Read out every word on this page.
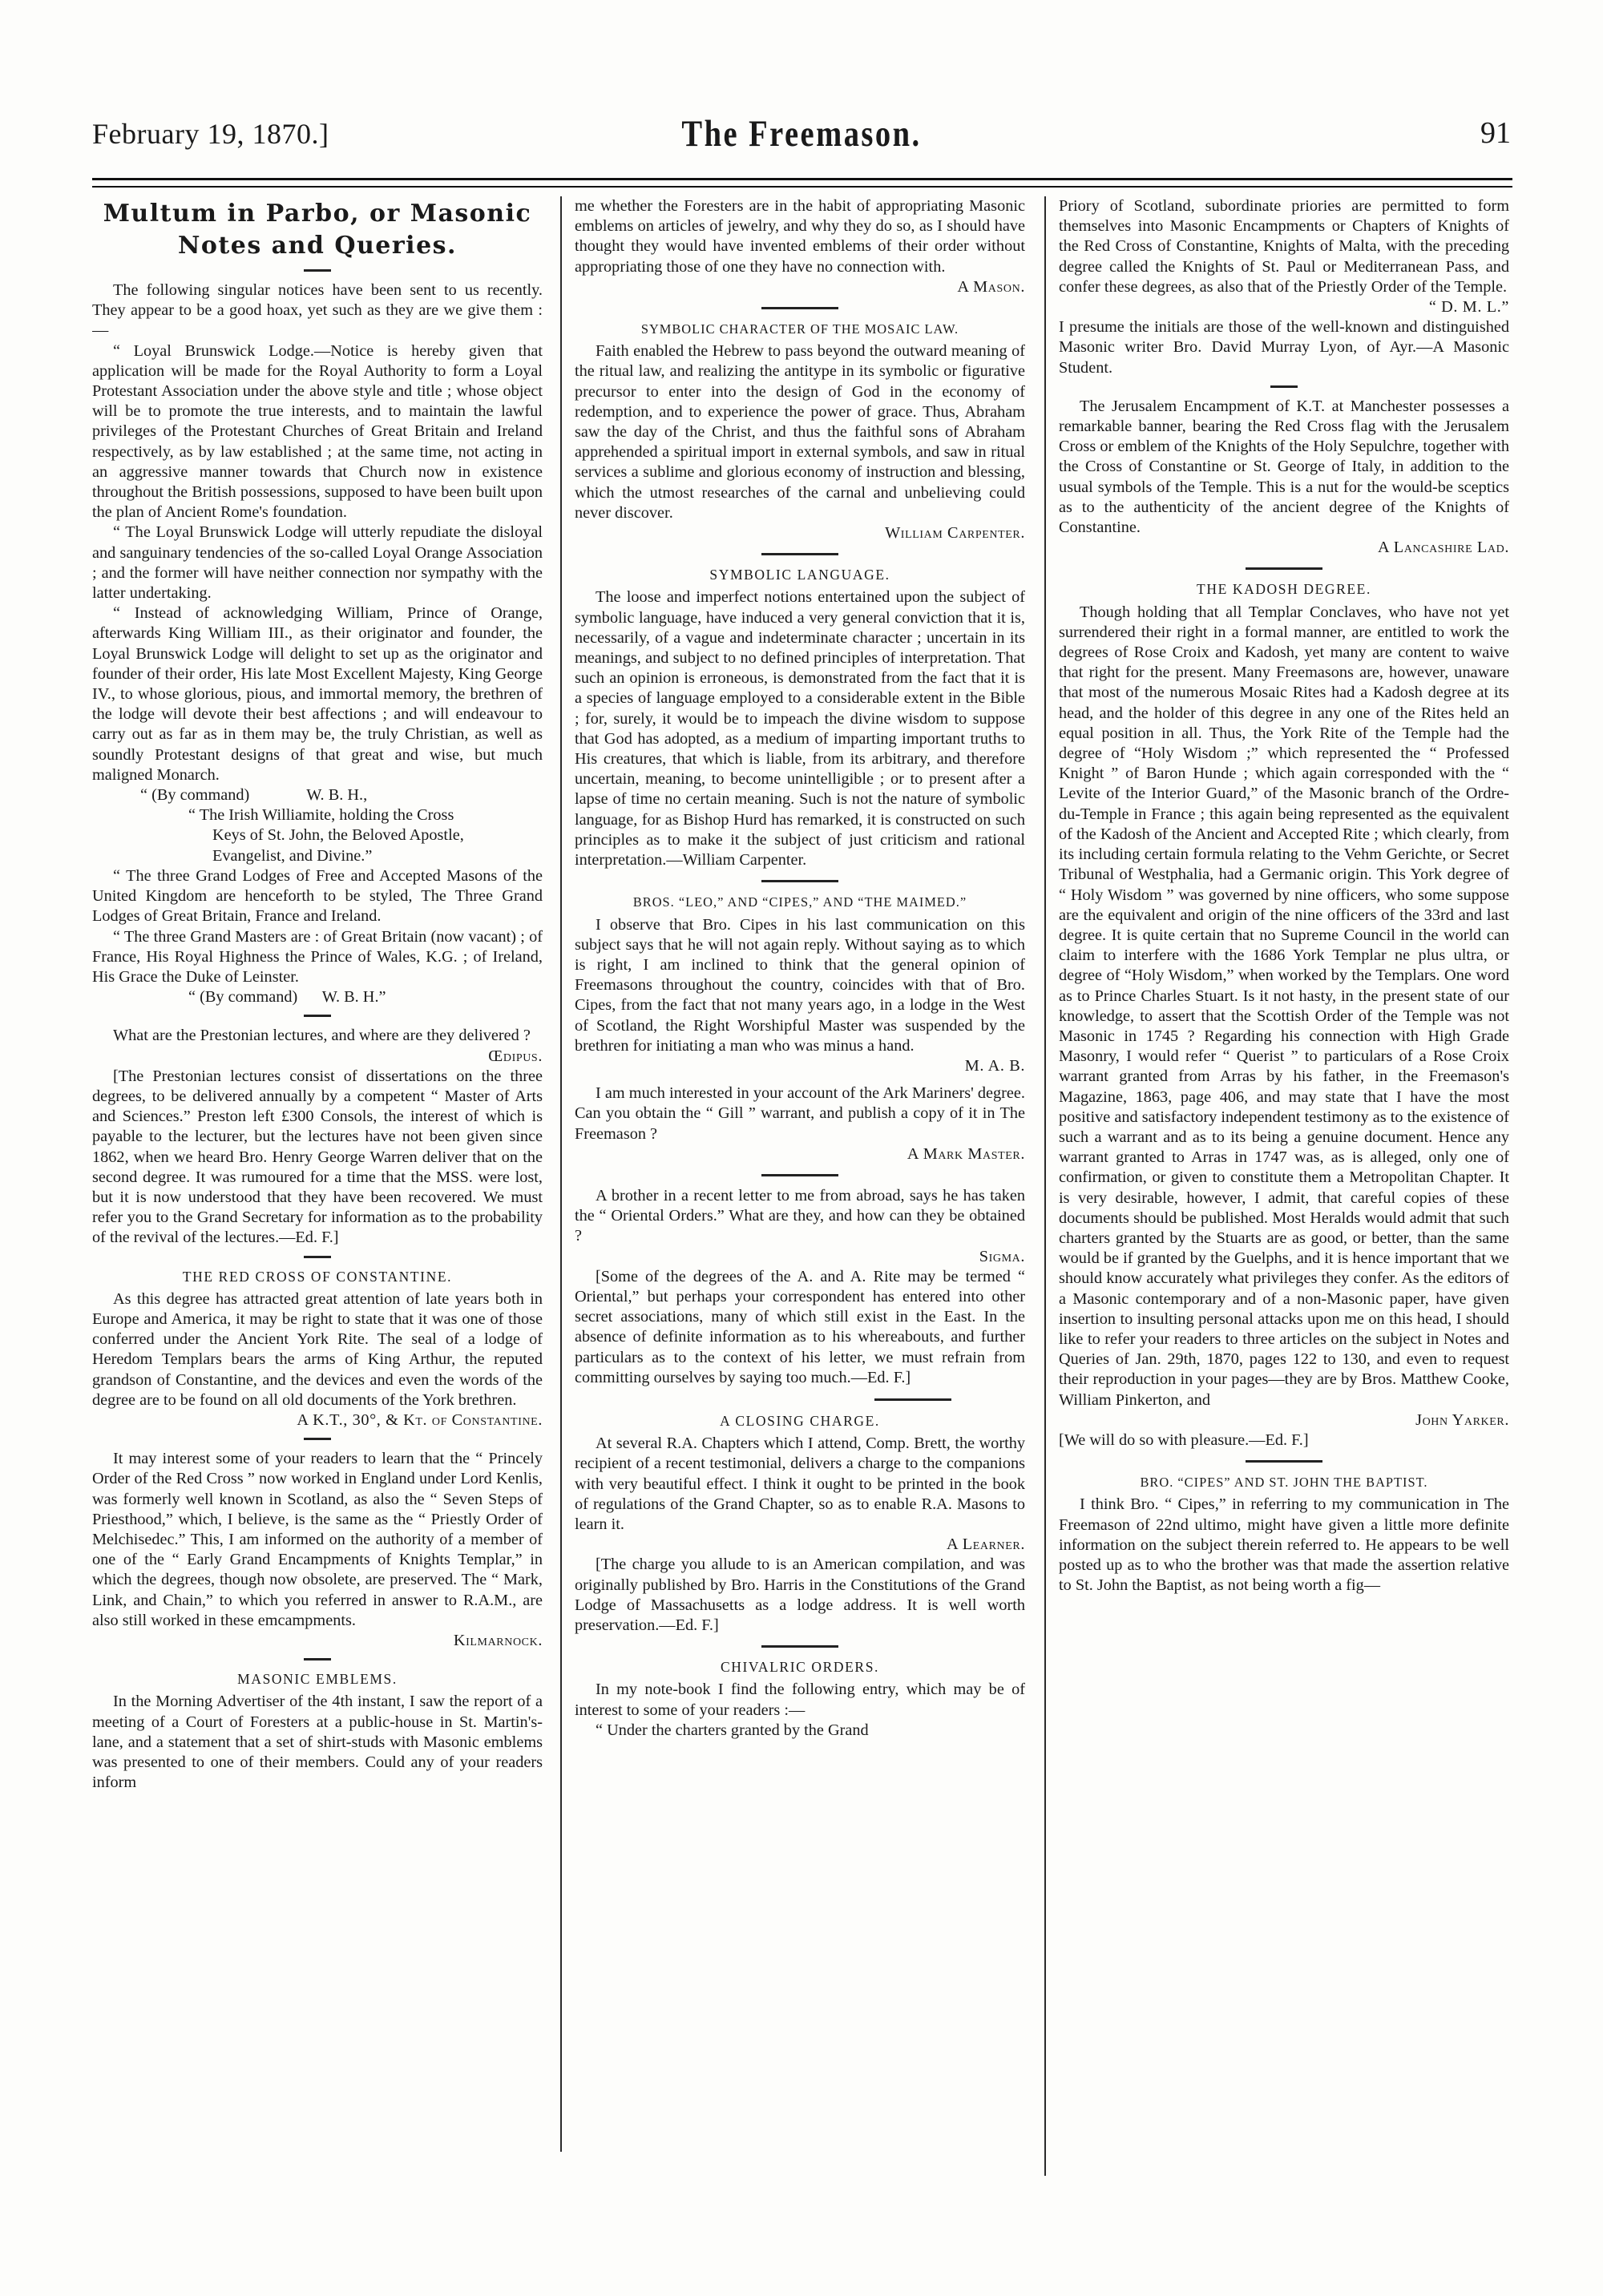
February 19, 1870.]	The Freemason.	91
Multum in Parbo, or Masonic
Notes and Queries.

The following singular notices have been sent to us recently. They appear to be a good hoax, yet such as they are we give them :—

“ Loyal Brunswick Lodge.—Notice is hereby given that application will be made for the Royal Authority to form a Loyal Protestant Association under the above style and title ; whose object will be to promote the true interests, and to maintain the lawful privileges of the Protestant Churches of Great Britain and Ireland respectively, as by law established ; at the same time, not acting in an aggressive manner towards that Church now in existence throughout the British possessions, supposed to have been built upon the plan of Ancient Rome's foundation.

“ The Loyal Brunswick Lodge will utterly repudiate the disloyal and sanguinary tendencies of the so-called Loyal Orange Association ; and the former will have neither connection nor sympathy with the latter undertaking.

“ Instead of acknowledging William, Prince of Orange, afterwards King William III., as their originator and founder, the Loyal Brunswick Lodge will delight to set up as the originator and founder of their order, His late Most Excellent Majesty, King George IV., to whose glorious, pious, and immortal memory, the brethren of the lodge will devote their best affections ; and will endeavour to carry out as far as in them may be, the truly Christian, as well as soundly Protestant designs of that great and wise, but much maligned Monarch.

“ (By command)	W. B. H.,

“ The Irish Williamite, holding the Cross

Keys of St. John, the Beloved Apostle,

Evangelist, and Divine.”

“ The three Grand Lodges of Free and Accepted Masons of the United Kingdom are henceforth to be styled, The Three Grand Lodges of Great Britain, France and Ireland.

“ The three Grand Masters are : of Great Britain (now vacant) ; of France, His Royal Highness the Prince of Wales, K.G. ; of Ireland, His Grace the Duke of Leinster.

“ (By command) W. B. H.”

What are the Prestonian lectures, and where are they delivered ?

Œdipus.

[The Prestonian lectures consist of dissertations on the three degrees, to be delivered annually by a competent “ Master of Arts and Sciences.” Preston left £300 Consols, the interest of which is payable to the lecturer, but the lectures have not been given since 1862, when we heard Bro. Henry George Warren deliver that on the second degree. It was rumoured for a time that the MSS. were lost, but it is now understood that they have been recovered. We must refer you to the Grand Secretary for information as to the probability of the revival of the lectures.—Ed. F.]

THE RED CROSS OF CONSTANTINE.

As this degree has attracted great attention of late years both in Europe and America, it may be right to state that it was one of those conferred under the Ancient York Rite. The seal of a lodge of Heredom Templars bears the arms of King Arthur, the reputed grandson of Constantine, and the devices and even the words of the degree are to be found on all old documents of the York brethren.

A K.T., 30°, & Kt. of Constantine.

It may interest some of your readers to learn that the “ Princely Order of the Red Cross ” now worked in England under Lord Kenlis, was formerly well known in Scotland, as also the “ Seven Steps of Priesthood,” which, I believe, is the same as the “ Priestly Order of Melchisedec.” This, I am informed on the authority of a member of one of the “ Early Grand Encampments of Knights Templar,” in which the degrees, though now obsolete, are preserved. The “ Mark, Link, and Chain,” to which you referred in answer to R.A.M., are also still worked in these emcampments.

Kilmarnock.

MASONIC EMBLEMS.

In the Morning Advertiser of the 4th instant, I saw the report of a meeting of a Court of Foresters at a public-house in St. Martin's-lane, and a statement that a set of shirt-studs with Masonic emblems was presented to one of their members. Could any of your readers inform

me whether the Foresters are in the habit of appropriating Masonic emblems on articles of jewelry, and why they do so, as I should have thought they would have invented emblems of their order without appropriating those of one they have no connection with.

A Mason.

SYMBOLIC CHARACTER OF THE MOSAIC LAW.

Faith enabled the Hebrew to pass beyond the outward meaning of the ritual law, and realizing the antitype in its symbolic or figurative precursor to enter into the design of God in the economy of redemption, and to experience the power of grace. Thus, Abraham saw the day of the Christ, and thus the faithful sons of Abraham apprehended a spiritual import in external symbols, and saw in ritual services a sublime and glorious economy of instruction and blessing, which the utmost researches of the carnal and unbelieving could never discover.

William Carpenter.

SYMBOLIC LANGUAGE.

The loose and imperfect notions entertained upon the subject of symbolic language, have induced a very general conviction that it is, necessarily, of a vague and indeterminate character ; uncertain in its meanings, and subject to no defined principles of interpretation. That such an opinion is erroneous, is demonstrated from the fact that it is a species of language employed to a considerable extent in the Bible ; for, surely, it would be to impeach the divine wisdom to suppose that God has adopted, as a medium of imparting important truths to His creatures, that which is liable, from its arbitrary, and therefore uncertain, meaning, to become unintelligible ; or to present after a lapse of time no certain meaning. Such is not the nature of symbolic language, for as Bishop Hurd has remarked, it is constructed on such principles as to make it the subject of just criticism and rational interpretation.—William Carpenter.

BROS. “LEO,” AND “CIPES,” AND “THE MAIMED.”

I observe that Bro. Cipes in his last communication on this subject says that he will not again reply. Without saying as to which is right, I am inclined to think that the general opinion of Freemasons throughout the country, coincides with that of Bro. Cipes, from the fact that not many years ago, in a lodge in the West of Scotland, the Right Worshipful Master was suspended by the brethren for initiating a man who was minus a hand.

M. A. B.

I am much interested in your account of the Ark Mariners' degree. Can you obtain the “ Gill ” warrant, and publish a copy of it in The Freemason ?

A Mark Master.

A brother in a recent letter to me from abroad, says he has taken the “ Oriental Orders.” What are they, and how can they be obtained ?

Sigma.

[Some of the degrees of the A. and A. Rite may be termed “ Oriental,” but perhaps your correspondent has entered into other secret associations, many of which still exist in the East. In the absence of definite information as to his whereabouts, and further particulars as to the context of his letter, we must refrain from committing ourselves by saying too much.—Ed. F.]

A CLOSING CHARGE.

At several R.A. Chapters which I attend, Comp. Brett, the worthy recipient of a recent testimonial, delivers a charge to the companions with very beautiful effect. I think it ought to be printed in the book of regulations of the Grand Chapter, so as to enable R.A. Masons to learn it.

A Learner.

[The charge you allude to is an American compilation, and was originally published by Bro. Harris in the Constitutions of the Grand Lodge of Massachusetts as a lodge address. It is well worth preservation.—Ed. F.]

CHIVALRIC ORDERS.

In my note-book I find the following entry, which may be of interest to some of your readers :—

“ Under the charters granted by the Grand

Priory of Scotland, subordinate priories are permitted to form themselves into Masonic Encampments or Chapters of Knights of the Red Cross of Constantine, Knights of Malta, with the preceding degree called the Knights of St. Paul or Mediterranean Pass, and confer these degrees, as also that of the Priestly Order of the Temple.

“ D. M. L.”

I presume the initials are those of the well-known and distinguished Masonic writer Bro. David Murray Lyon, of Ayr.—A Masonic Student.

The Jerusalem Encampment of K.T. at Manchester possesses a remarkable banner, bearing the Red Cross flag with the Jerusalem Cross or emblem of the Knights of the Holy Sepulchre, together with the Cross of Constantine or St. George of Italy, in addition to the usual symbols of the Temple. This is a nut for the would-be sceptics as to the authenticity of the ancient degree of the Knights of Constantine.

A Lancashire Lad.

THE KADOSH DEGREE.

Though holding that all Templar Conclaves, who have not yet surrendered their right in a formal manner, are entitled to work the degrees of Rose Croix and Kadosh, yet many are content to waive that right for the present. Many Freemasons are, however, unaware that most of the numerous Mosaic Rites had a Kadosh degree at its head, and the holder of this degree in any one of the Rites held an equal position in all. Thus, the York Rite of the Temple had the degree of “Holy Wisdom ;” which represented the “ Professed Knight ” of Baron Hunde ; which again corresponded with the “ Levite of the Interior Guard,” of the Masonic branch of the Ordre-du-Temple in France ; this again being represented as the equivalent of the Kadosh of the Ancient and Accepted Rite ; which clearly, from its including certain formula relating to the Vehm Gerichte, or Secret Tribunal of Westphalia, had a Germanic origin. This York degree of “ Holy Wisdom ” was governed by nine officers, who some suppose are the equivalent and origin of the nine officers of the 33rd and last degree. It is quite certain that no Supreme Council in the world can claim to interfere with the 1686 York Templar ne plus ultra, or degree of “Holy Wisdom,” when worked by the Templars. One word as to Prince Charles Stuart. Is it not hasty, in the present state of our knowledge, to assert that the Scottish Order of the Temple was not Masonic in 1745 ? Regarding his connection with High Grade Masonry, I would refer “ Querist ” to particulars of a Rose Croix warrant granted from Arras by his father, in the Freemason's Magazine, 1863, page 406, and may state that I have the most positive and satisfactory independent testimony as to the existence of such a warrant and as to its being a genuine document. Hence any warrant granted to Arras in 1747 was, as is alleged, only one of confirmation, or given to constitute them a Metropolitan Chapter. It is very desirable, however, I admit, that careful copies of these documents should be published. Most Heralds would admit that such charters granted by the Stuarts are as good, or better, than the same would be if granted by the Guelphs, and it is hence important that we should know accurately what privileges they confer. As the editors of a Masonic contemporary and of a non-Masonic paper, have given insertion to insulting personal attacks upon me on this head, I should like to refer your readers to three articles on the subject in Notes and Queries of Jan. 29th, 1870, pages 122 to 130, and even to request their reproduction in your pages—they are by Bros. Matthew Cooke, William Pinkerton, and

John Yarker.

[We will do so with pleasure.—Ed. F.]

BRO. “CIPES” AND ST. JOHN THE BAPTIST.

I think Bro. “ Cipes,” in referring to my communication in The Freemason of 22nd ultimo, might have given a little more definite information on the subject therein referred to. He appears to be well posted up as to who the brother was that made the assertion relative to St. John the Baptist, as not being worth a fig—
